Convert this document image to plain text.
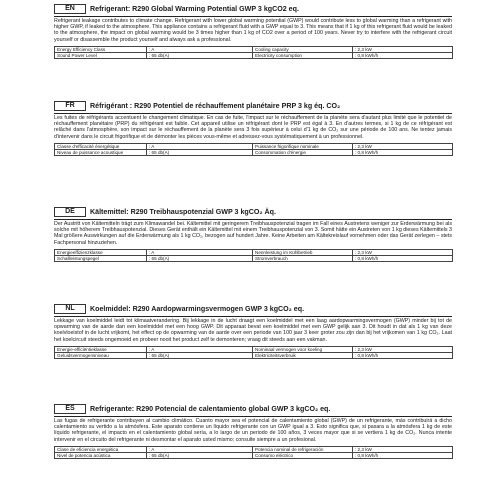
EN	Refrigerant: R290 Global Warming Potential GWP 3 kgCO2 eq.
Refrigerant leakage contributes to climate change. Refrigerant with lower global warming potential (GWP) would contribute less to global warming than a refrigerant with higher GWP, if leaked to the atmosphere. This appliance contains a refrigerant fluid with a GWP equal to 3. This means that if 1 kg of this refrigerant fluid would be leaked to the atmosphere, the impact on global warming would be 3 times higher than 1 kg of CO2 over a period of 100 years. Never try to interfere with the refrigerant circuit yourself or disassemble the product yourself and always ask a professional.
Energy Efficiency Class	: A	Cooling capacity	: 2,3 kW
Sound Power Level	: 65 db(A)	Electricity consumption	: 0,8 kWh/h
FR	Réfrigérant : R290 Potentiel de réchauffement planétaire PRP 3 kg éq. CO₂
Les fuites de réfrigérants accentuent le changement climatique. En cas de fuite, l'impact sur le réchauffement de la planète sera d'autant plus limité que le potentiel de réchauffement planétaire (PRP) du réfrigérant est faible. Cet appareil utilise un réfrigérant dont le PRP est égal à 3. En d'autres termes, si 1 kg de ce réfrigérant est relâché dans l'atmosphère, son impact sur le réchauffement de la planète sera 3 fois supérieur à celui d'1 kg de CO₂ sur une période de 100 ans. Ne tentez jamais d'intervenir dans le circuit frigorifique et de démonter les pièces vous-même et adressez-vous systématiquement à un professionnel.
Classe d'efficacité énergétique	: A	Puissance frigorifique nominale	: 2,3 kW
Niveau de puissance acoustique	: 65 db(A)	Consommation d'énergie	: 0,8 kWh/h
DE	Kältemittel: R290 Treibhauspotenzial GWP 3 kgCO₂ Äq.
Der Austritt von Kältemitteln trägt zum Klimawandel bei. Kältemittel mit geringerem Treibhauspotenzial tragen im Fall eines Austretens weniger zur Erderwärmung bei als solche mit höherem Treibhauspotenzial. Dieses Gerät enthält ein Kältemittel mit einem Treibhauspotenzial von 3. Somit hätte ein Austreten von 1 kg dieses Kältemittels 3 Mal größere Auswirkungen auf die Erderwärmung als 1 kg CO₂, bezogen auf hundert Jahre. Keine Arbeiten am Kältekreislauf vornehmen oder das Gerät zerlegen – stets Fachpersonal hinzuziehen.
Energieeffizienzklasse	: A	Nennleistung im Kühlbetrieb	: 2,3 kW
Schallleistungspegel	: 65 db(A)	Stromverbrauch	: 0,8 kWh/h
NL	Koelmiddel: R290 Aardopwarmingsvermogen GWP 3 kgCO₂ eq.
Lekkage van koelmiddel leidt tot klimaatverandering. Bij lekkage in de lucht draagt een koelmiddel met een laag aardopwarmingsvermogen (GWP) minder bij tot de opwarming van de aarde dan een koelmiddel met een hoog GWP. Dit apparaat bevat een koelmiddel met een GWP gelijk aan 3. Dit houdt in dat als 1 kg van deze koelvloeistof in de lucht vrijkomt, het effect op de opwarming van de aarde over een periode van 100 jaar 3 keer groter zou zijn dan bij het vrijkomen van 1 kg CO₂. Laat het koelcircuit steeds ongemoeid en probeer nooit het product zelf te demonteren; vraag dit steeds aan een vakman.
Energie-efficiëntieklasse	: A	Nominaal vermogen voor koeling	: 2,3 kW
Geluidsvermogensniveau	: 65 db(A)	Elektriciteitsverbruik	: 0,8 kWh/h
ES	Refrigerante: R290 Potencial de calentamiento global GWP 3 kgCO₂ eq.
Las fugas de refrigerante contribuyen al cambio climático. Cuanto mayor sea el potencial de calentamiento global (GWP) de un refrigerante, más contribuirá a dicho calentamiento su vertido a la atmósfera. Este aparato contiene un líquido refrigerante con un GWP igual a 3. Esto significa que, si pasara a la atmósfera 1 kg de este líquido refrigerante, el impacto en el calentamiento global sería, a lo largo de un periodo de 100 años, 3 veces mayor que si se vertiera 1 kg de CO₂. Nunca intente intervenir en el circuito del refrigerante ni desmontar el aparato usted mismo; consulte siempre a un profesional.
Clase de eficiencia energética	: A	Potencia nominal de refrigeración	: 2,3 kW
Nivel de potencia acústica	: 65 db(A)	Consumo eléctrico	: 0,8 kWh/h
